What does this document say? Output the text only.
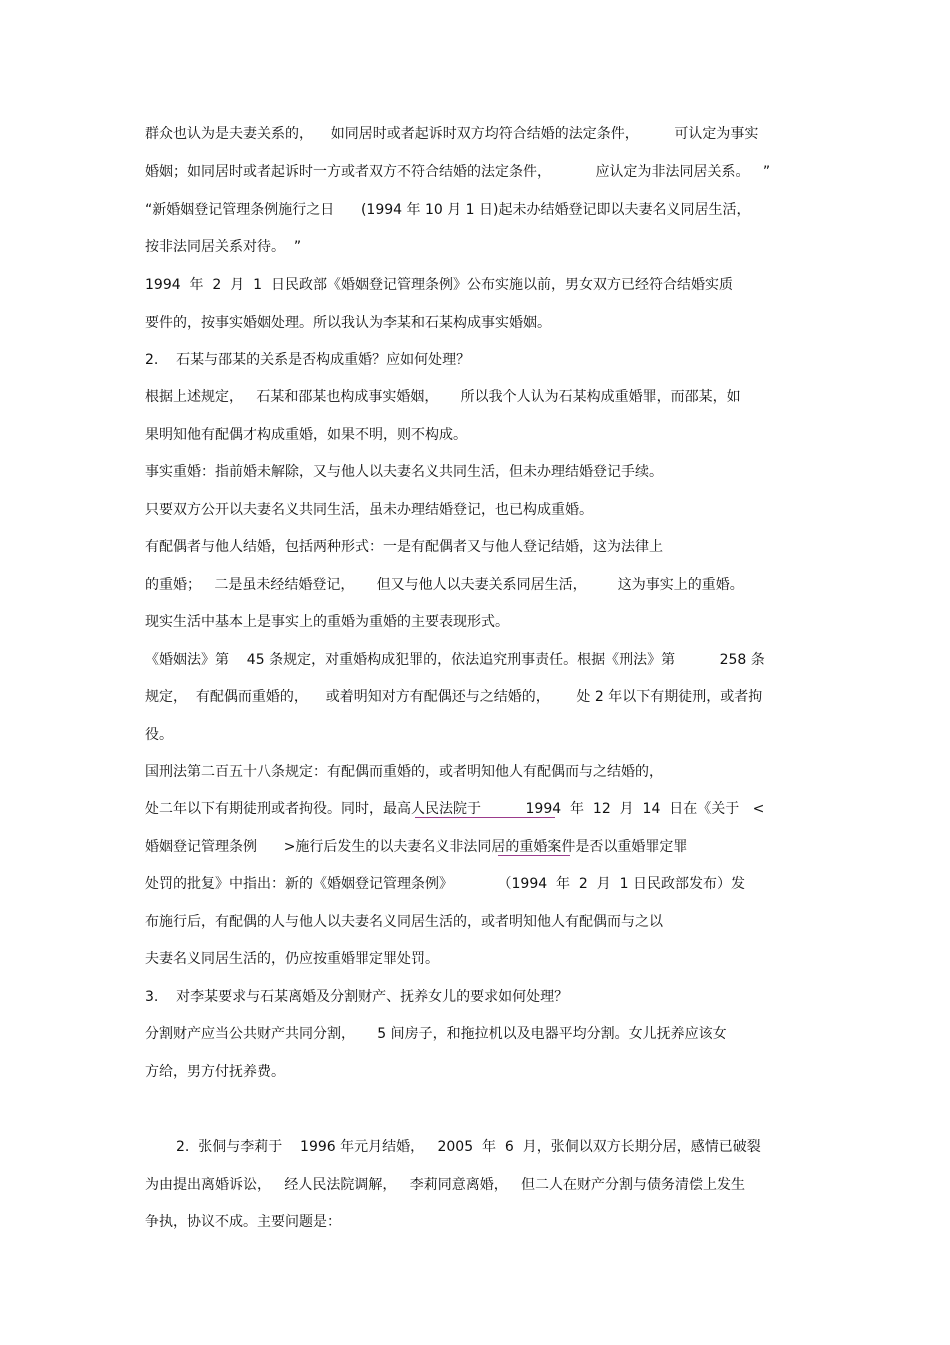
群众也认为是夫妻关系的，    如同居时或者起诉时双方均符合结婚的法定条件，        可认定为事实
婚姻；如同居时或者起诉时一方或者双方不符合结婚的法定条件，          应认定为非法同居关系。   ”
“新婚姻登记管理条例施行之日      (1994 年 10 月 1 日)起未办结婚登记即以夫妻名义同居生活，
按非法同居关系对待。  ”
1994  年  2  月  1  日民政部《婚姻登记管理条例》公布实施以前，男女双方已经符合结婚实质
要件的，按事实婚姻处理。所以我认为李某和石某构成事实婚姻。
2.    石某与邵某的关系是否构成重婚？应如何处理？
根据上述规定，   石某和邵某也构成事实婚姻，     所以我个人认为石某构成重婚罪，而邵某，如
果明知他有配偶才构成重婚，如果不明，则不构成。
事实重婚：指前婚未解除，又与他人以夫妻名义共同生活，但未办理结婚登记手续。
只要双方公开以夫妻名义共同生活，虽未办理结婚登记，也已构成重婚。
有配偶者与他人结婚，包括两种形式：一是有配偶者又与他人登记结婚，这为法律上
的重婚；   二是虽未经结婚登记，     但又与他人以夫妻关系同居生活，       这为事实上的重婚。
现实生活中基本上是事实上的重婚为重婚的主要表现形式。
《婚姻法》第    45 条规定，对重婚构成犯罪的，依法追究刑事责任。根据《刑法》第          258 条
规定，  有配偶而重婚的，    或着明知对方有配偶还与之结婚的，      处 2 年以下有期徒刑，或者拘
役。
国刑法第二百五十八条规定：有配偶而重婚的，或者明知他人有配偶而与之结婚的，
处二年以下有期徒刑或者拘役。同时，最高人民法院于          1994  年  12  月  14  日在《关于   <
婚姻登记管理条例      >施行后发生的以夫妻名义非法同居的重婚案件是否以重婚罪定罪
处罚的批复》中指出：新的《婚姻登记管理条例》          （1994  年  2  月  1 日民政部发布）发
布施行后，有配偶的人与他人以夫妻名义同居生活的，或者明知他人有配偶而与之以
夫妻名义同居生活的，仍应按重婚罪定罪处罚。
3.    对李某要求与石某离婚及分割财产、抚养女儿的要求如何处理？
分割财产应当公共财产共同分割，     5 间房子，和拖拉机以及电器平均分割。女儿抚养应该女
方给，男方付抚养费。
2.  张侗与李莉于    1996 年元月结婚，   2005  年  6  月，张侗以双方长期分居，感情已破裂
为由提出离婚诉讼，   经人民法院调解，   李莉同意离婚，   但二人在财产分割与债务清偿上发生
争执，协议不成。主要问题是：
